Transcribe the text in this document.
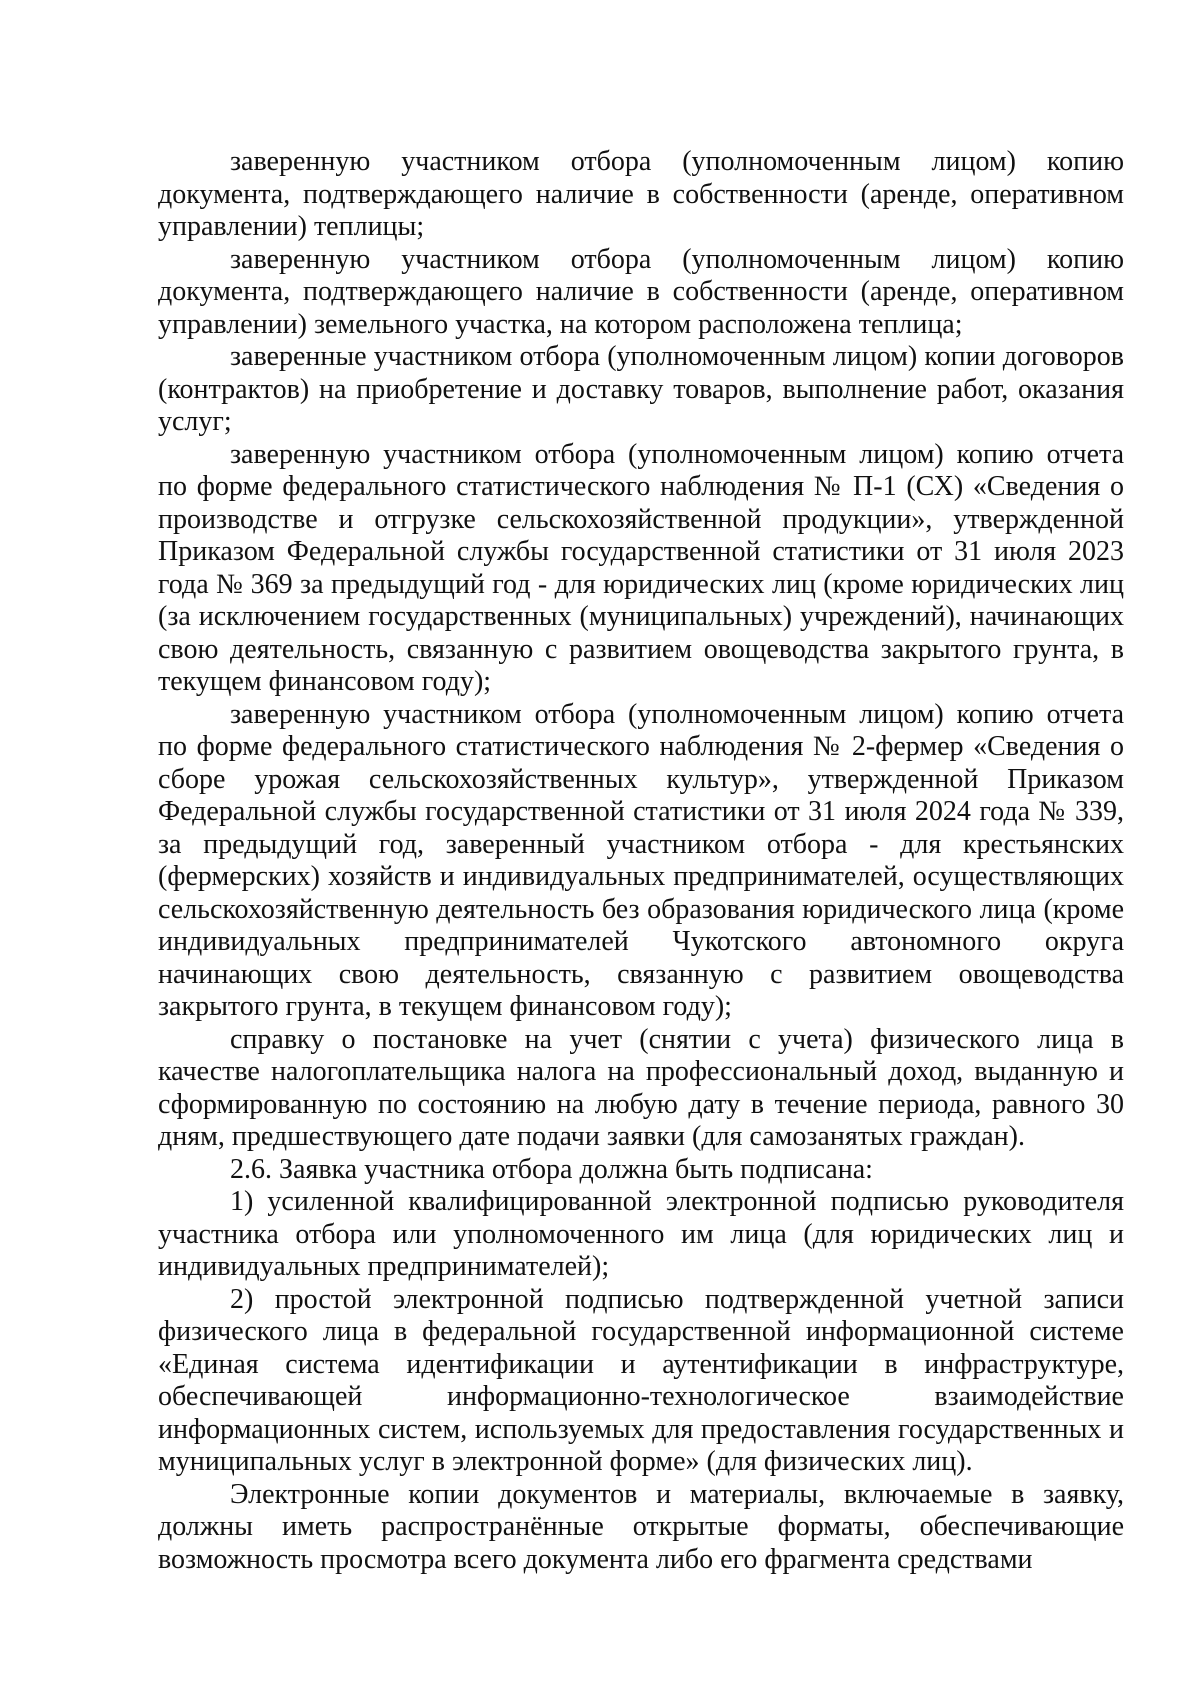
заверенную участником отбора (уполномоченным лицом) копию документа, подтверждающего наличие в собственности (аренде, оперативном управлении) теплицы;

заверенную участником отбора (уполномоченным лицом) копию документа, подтверждающего наличие в собственности (аренде, оперативном управлении) земельного участка, на котором расположена теплица;

заверенные участником отбора (уполномоченным лицом) копии договоров (контрактов) на приобретение и доставку товаров, выполнение работ, оказания услуг;

заверенную участником отбора (уполномоченным лицом) копию отчета по форме федерального статистического наблюдения № П-1 (СХ) «Сведения о производстве и отгрузке сельскохозяйственной продукции», утвержденной Приказом Федеральной службы государственной статистики от 31 июля 2023 года № 369 за предыдущий год - для юридических лиц (кроме юридических лиц (за исключением государственных (муниципальных) учреждений), начинающих свою деятельность, связанную с развитием овощеводства закрытого грунта, в текущем финансовом году);

заверенную участником отбора (уполномоченным лицом) копию отчета по форме федерального статистического наблюдения № 2-фермер «Сведения о сборе урожая сельскохозяйственных культур», утвержденной Приказом Федеральной службы государственной статистики от 31 июля 2024 года № 339, за предыдущий год, заверенный участником отбора - для крестьянских (фермерских) хозяйств и индивидуальных предпринимателей, осуществляющих сельскохозяйственную деятельность без образования юридического лица (кроме индивидуальных предпринимателей Чукотского автономного округа начинающих свою деятельность, связанную с развитием овощеводства закрытого грунта, в текущем финансовом году);

справку о постановке на учет (снятии с учета) физического лица в качестве налогоплательщика налога на профессиональный доход, выданную и сформированную по состоянию на любую дату в течение периода, равного 30 дням, предшествующего дате подачи заявки (для самозанятых граждан).

2.6. Заявка участника отбора должна быть подписана:

1) усиленной квалифицированной электронной подписью руководителя участника отбора или уполномоченного им лица (для юридических лиц и индивидуальных предпринимателей);

2) простой электронной подписью подтвержденной учетной записи физического лица в федеральной государственной информационной системе «Единая система идентификации и аутентификации в инфраструктуре, обеспечивающей информационно-технологическое взаимодействие информационных систем, используемых для предоставления государственных и муниципальных услуг в электронной форме» (для физических лиц).

Электронные копии документов и материалы, включаемые в заявку, должны иметь распространённые открытые форматы, обеспечивающие возможность просмотра всего документа либо его фрагмента средствами
